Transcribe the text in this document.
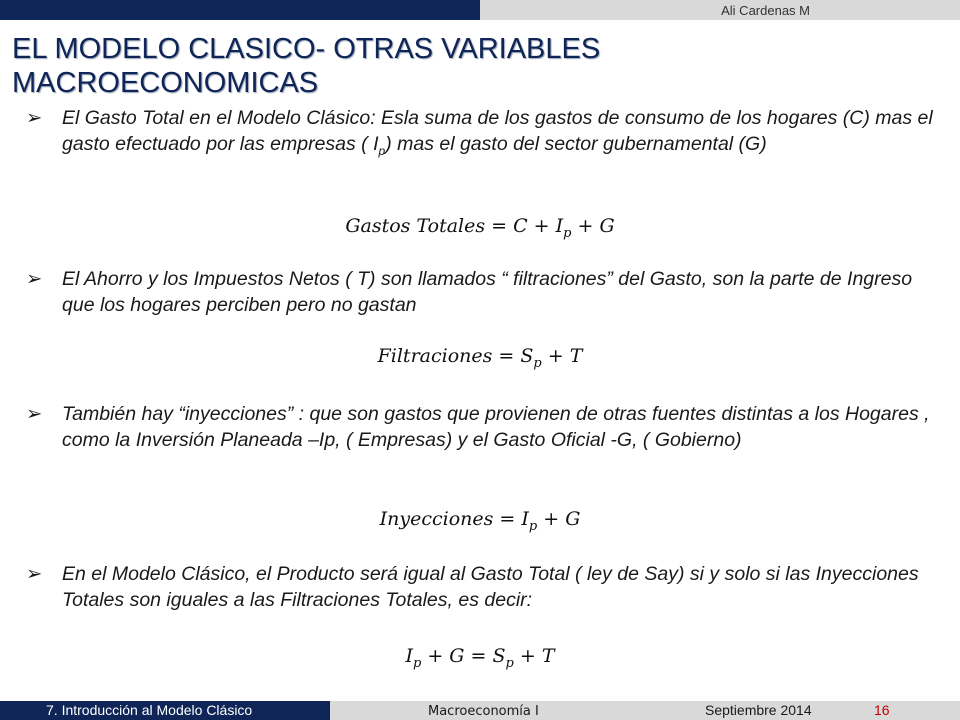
Ali Cardenas M
EL MODELO CLASICO- OTRAS VARIABLES MACROECONOMICAS
➢ El Gasto Total en el Modelo Clásico: Esla suma de los gastos de consumo de los hogares (C) mas el gasto efectuado por las empresas ( $I_p$) mas el gasto del sector gubernamental (G)
Gastos Totales = $C + I_p + G$
➢ El Ahorro y los Impuestos Netos ( T) son llamados “ filtraciones” del Gasto, son la parte de Ingreso que los hogares perciben pero no gastan
Filtraciones = $S_p + T$
➢ También hay “inyecciones” : que son gastos que provienen de otras fuentes distintas a los Hogares , como la Inversión Planeada –Ip, ( Empresas) y el Gasto Oficial -G, ( Gobierno)
Inyecciones = $I_p + G$
➢ En el Modelo Clásico, el Producto será igual al Gasto Total ( ley de Say) si y solo si las Inyecciones Totales son iguales a las Filtraciones Totales, es decir:
$I_p + G = S_p + T$
7. Introducción al Modelo Clásico	Macroeconomía I	Septiembre 2014	16
